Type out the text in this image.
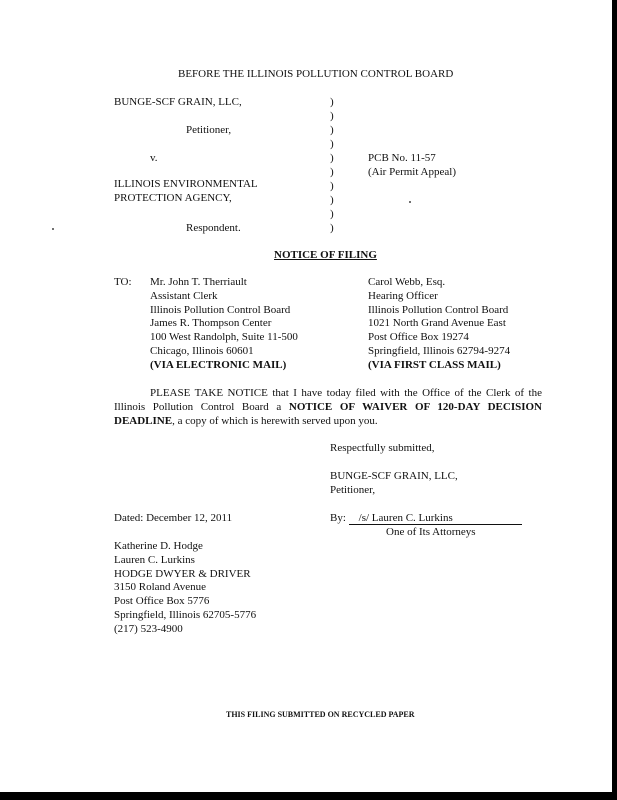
BEFORE THE ILLINOIS POLLUTION CONTROL BOARD
BUNGE-SCF GRAIN, LLC,
Petitioner,
v.
ILLINOIS ENVIRONMENTAL
PROTECTION AGENCY,
Respondent.
)
)
)
)
)
)
)
)
)
)
PCB No. 11-57
(Air Permit Appeal)
NOTICE OF FILING
TO: Mr. John T. Therriault
Assistant Clerk
Illinois Pollution Control Board
James R. Thompson Center
100 West Randolph, Suite 11-500
Chicago, Illinois 60601
(VIA ELECTRONIC MAIL)
Carol Webb, Esq.
Hearing Officer
Illinois Pollution Control Board
1021 North Grand Avenue East
Post Office Box 19274
Springfield, Illinois 62794-9274
(VIA FIRST CLASS MAIL)
PLEASE TAKE NOTICE that I have today filed with the Office of the Clerk of the Illinois Pollution Control Board a NOTICE OF WAIVER OF 120-DAY DECISION DEADLINE, a copy of which is herewith served upon you.
Respectfully submitted,
BUNGE-SCF GRAIN, LLC,
Petitioner,
Dated: December 12, 2011	By: /s/ Lauren C. Lurkins
One of Its Attorneys
Katherine D. Hodge
Lauren C. Lurkins
HODGE DWYER & DRIVER
3150 Roland Avenue
Post Office Box 5776
Springfield, Illinois 62705-5776
(217) 523-4900
THIS FILING SUBMITTED ON RECYCLED PAPER
